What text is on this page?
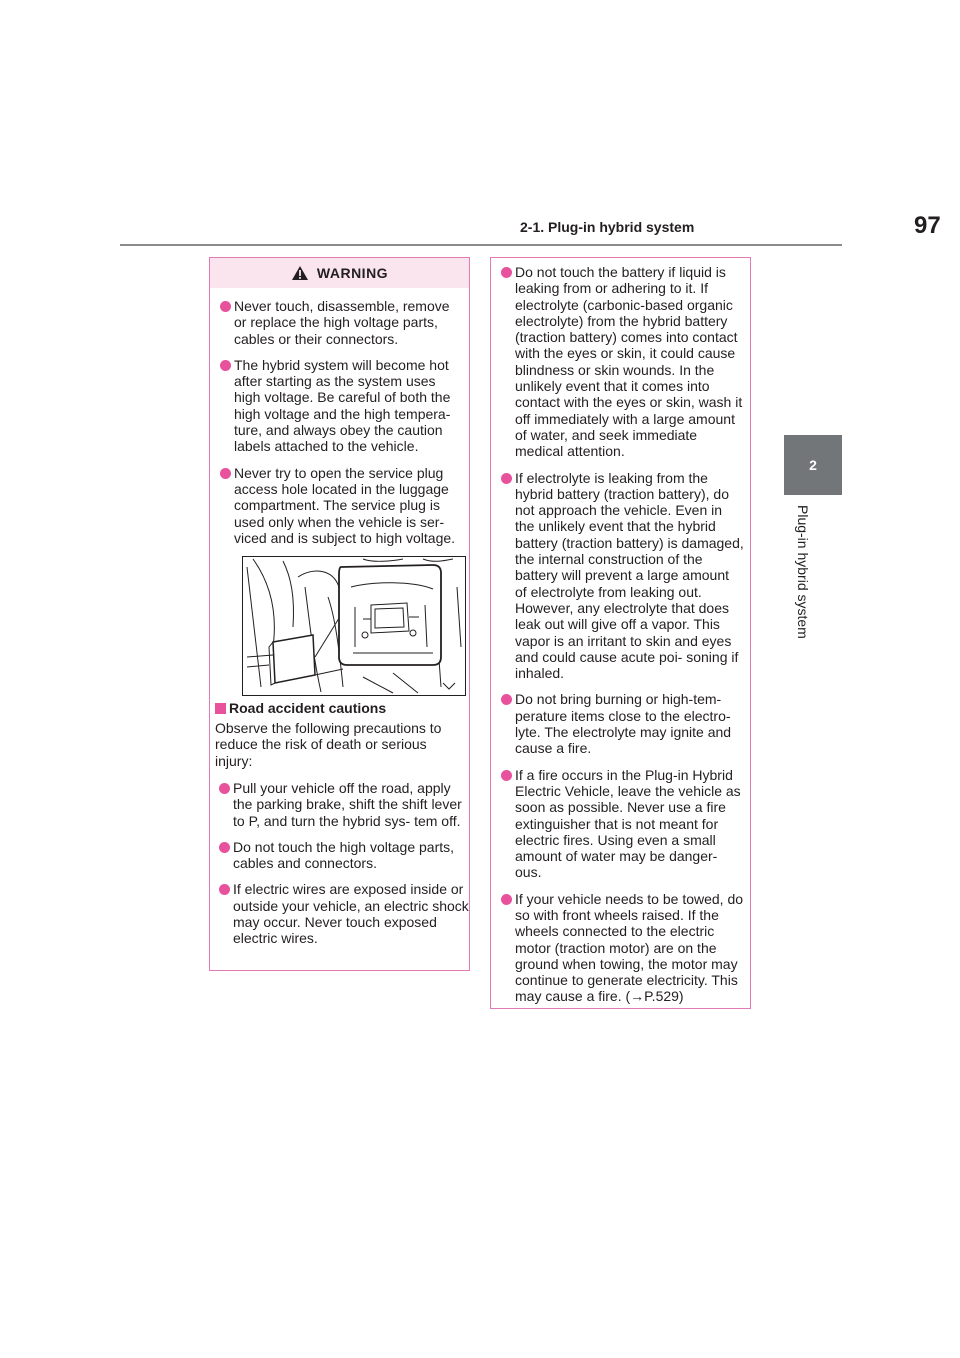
97
2-1. Plug-in hybrid system
2
Plug-in hybrid system
WARNING
Never touch, disassemble, remove or replace the high voltage parts, cables or their connectors.
The hybrid system will become hot after starting as the system uses high voltage. Be careful of both the high voltage and the high tempera- ture, and always obey the caution labels attached to the vehicle.
Never try to open the service plug access hole located in the luggage compartment. The service plug is used only when the vehicle is ser- viced and is subject to high voltage.
Road accident cautions
Observe the following precautions to reduce the risk of death or serious injury:
Pull your vehicle off the road, apply the parking brake, shift the shift lever to P, and turn the hybrid sys- tem off.
Do not touch the high voltage parts, cables and connectors.
If electric wires are exposed inside or outside your vehicle, an electric shock may occur. Never touch exposed electric wires.
Do not touch the battery if liquid is leaking from or adhering to it. If electrolyte (carbonic-based organic electrolyte) from the hybrid battery (traction battery) comes into contact with the eyes or skin, it could cause blindness or skin wounds. In the unlikely event that it comes into contact with the eyes or skin, wash it off immediately with a large amount of water, and seek immediate medical attention.
If electrolyte is leaking from the hybrid battery (traction battery), do not approach the vehicle. Even in the unlikely event that the hybrid battery (traction battery) is damaged, the internal construction of the battery will prevent a large amount of electrolyte from leaking out. However, any electrolyte that does leak out will give off a vapor. This vapor is an irritant to skin and eyes and could cause acute poi- soning if inhaled.
Do not bring burning or high-tem- perature items close to the electro- lyte. The electrolyte may ignite and cause a fire.
If a fire occurs in the Plug-in Hybrid Electric Vehicle, leave the vehicle as soon as possible. Never use a fire extinguisher that is not meant for electric fires. Using even a small amount of water may be danger- ous.
If your vehicle needs to be towed, do so with front wheels raised. If the wheels connected to the electric motor (traction motor) are on the ground when towing, the motor may continue to generate electricity. This may cause a fire. (→P.529)
